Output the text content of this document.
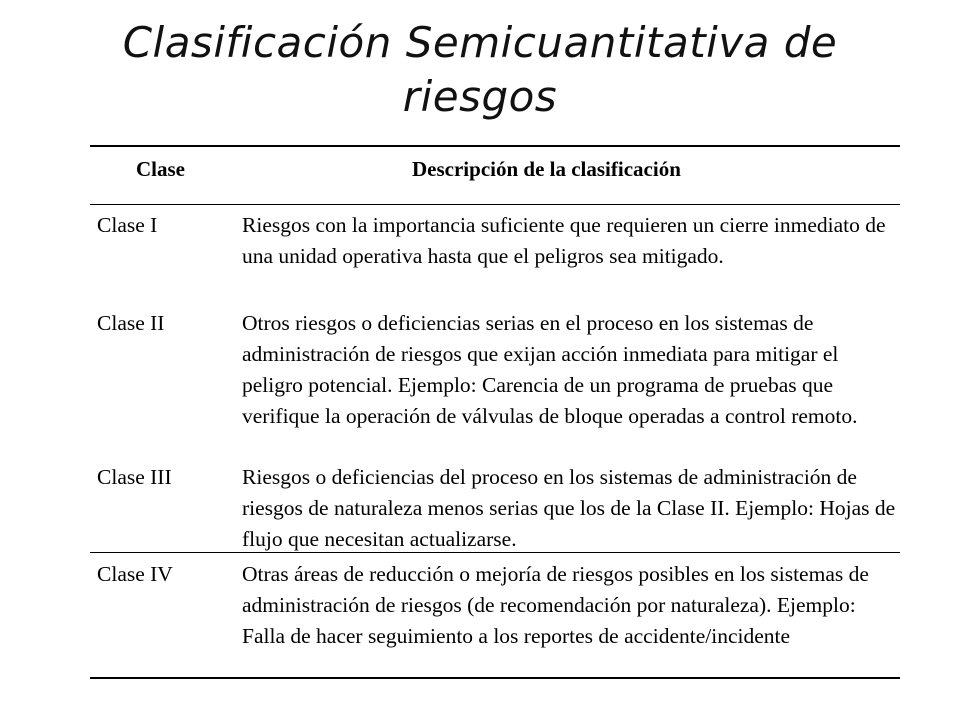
Clasificación Semicuantitativa de riesgos
Clase	Descripción de la clasificación
Clase I	Riesgos con la importancia suficiente que requieren un cierre inmediato de una unidad operativa hasta que el peligros sea mitigado.
Clase II	Otros riesgos o deficiencias serias en el proceso en los sistemas de administración de riesgos que exijan acción inmediata para mitigar el peligro potencial. Ejemplo: Carencia de un programa de pruebas que verifique la operación de válvulas de bloque operadas a control remoto.
Clase III	Riesgos o deficiencias del proceso en los sistemas de administración de riesgos de naturaleza menos serias que los de la Clase II. Ejemplo: Hojas de flujo que necesitan actualizarse.
Clase IV	Otras áreas de reducción o mejoría de riesgos posibles en los sistemas de administración de riesgos (de recomendación por naturaleza). Ejemplo: Falla de hacer seguimiento a los reportes de accidente/incidente
